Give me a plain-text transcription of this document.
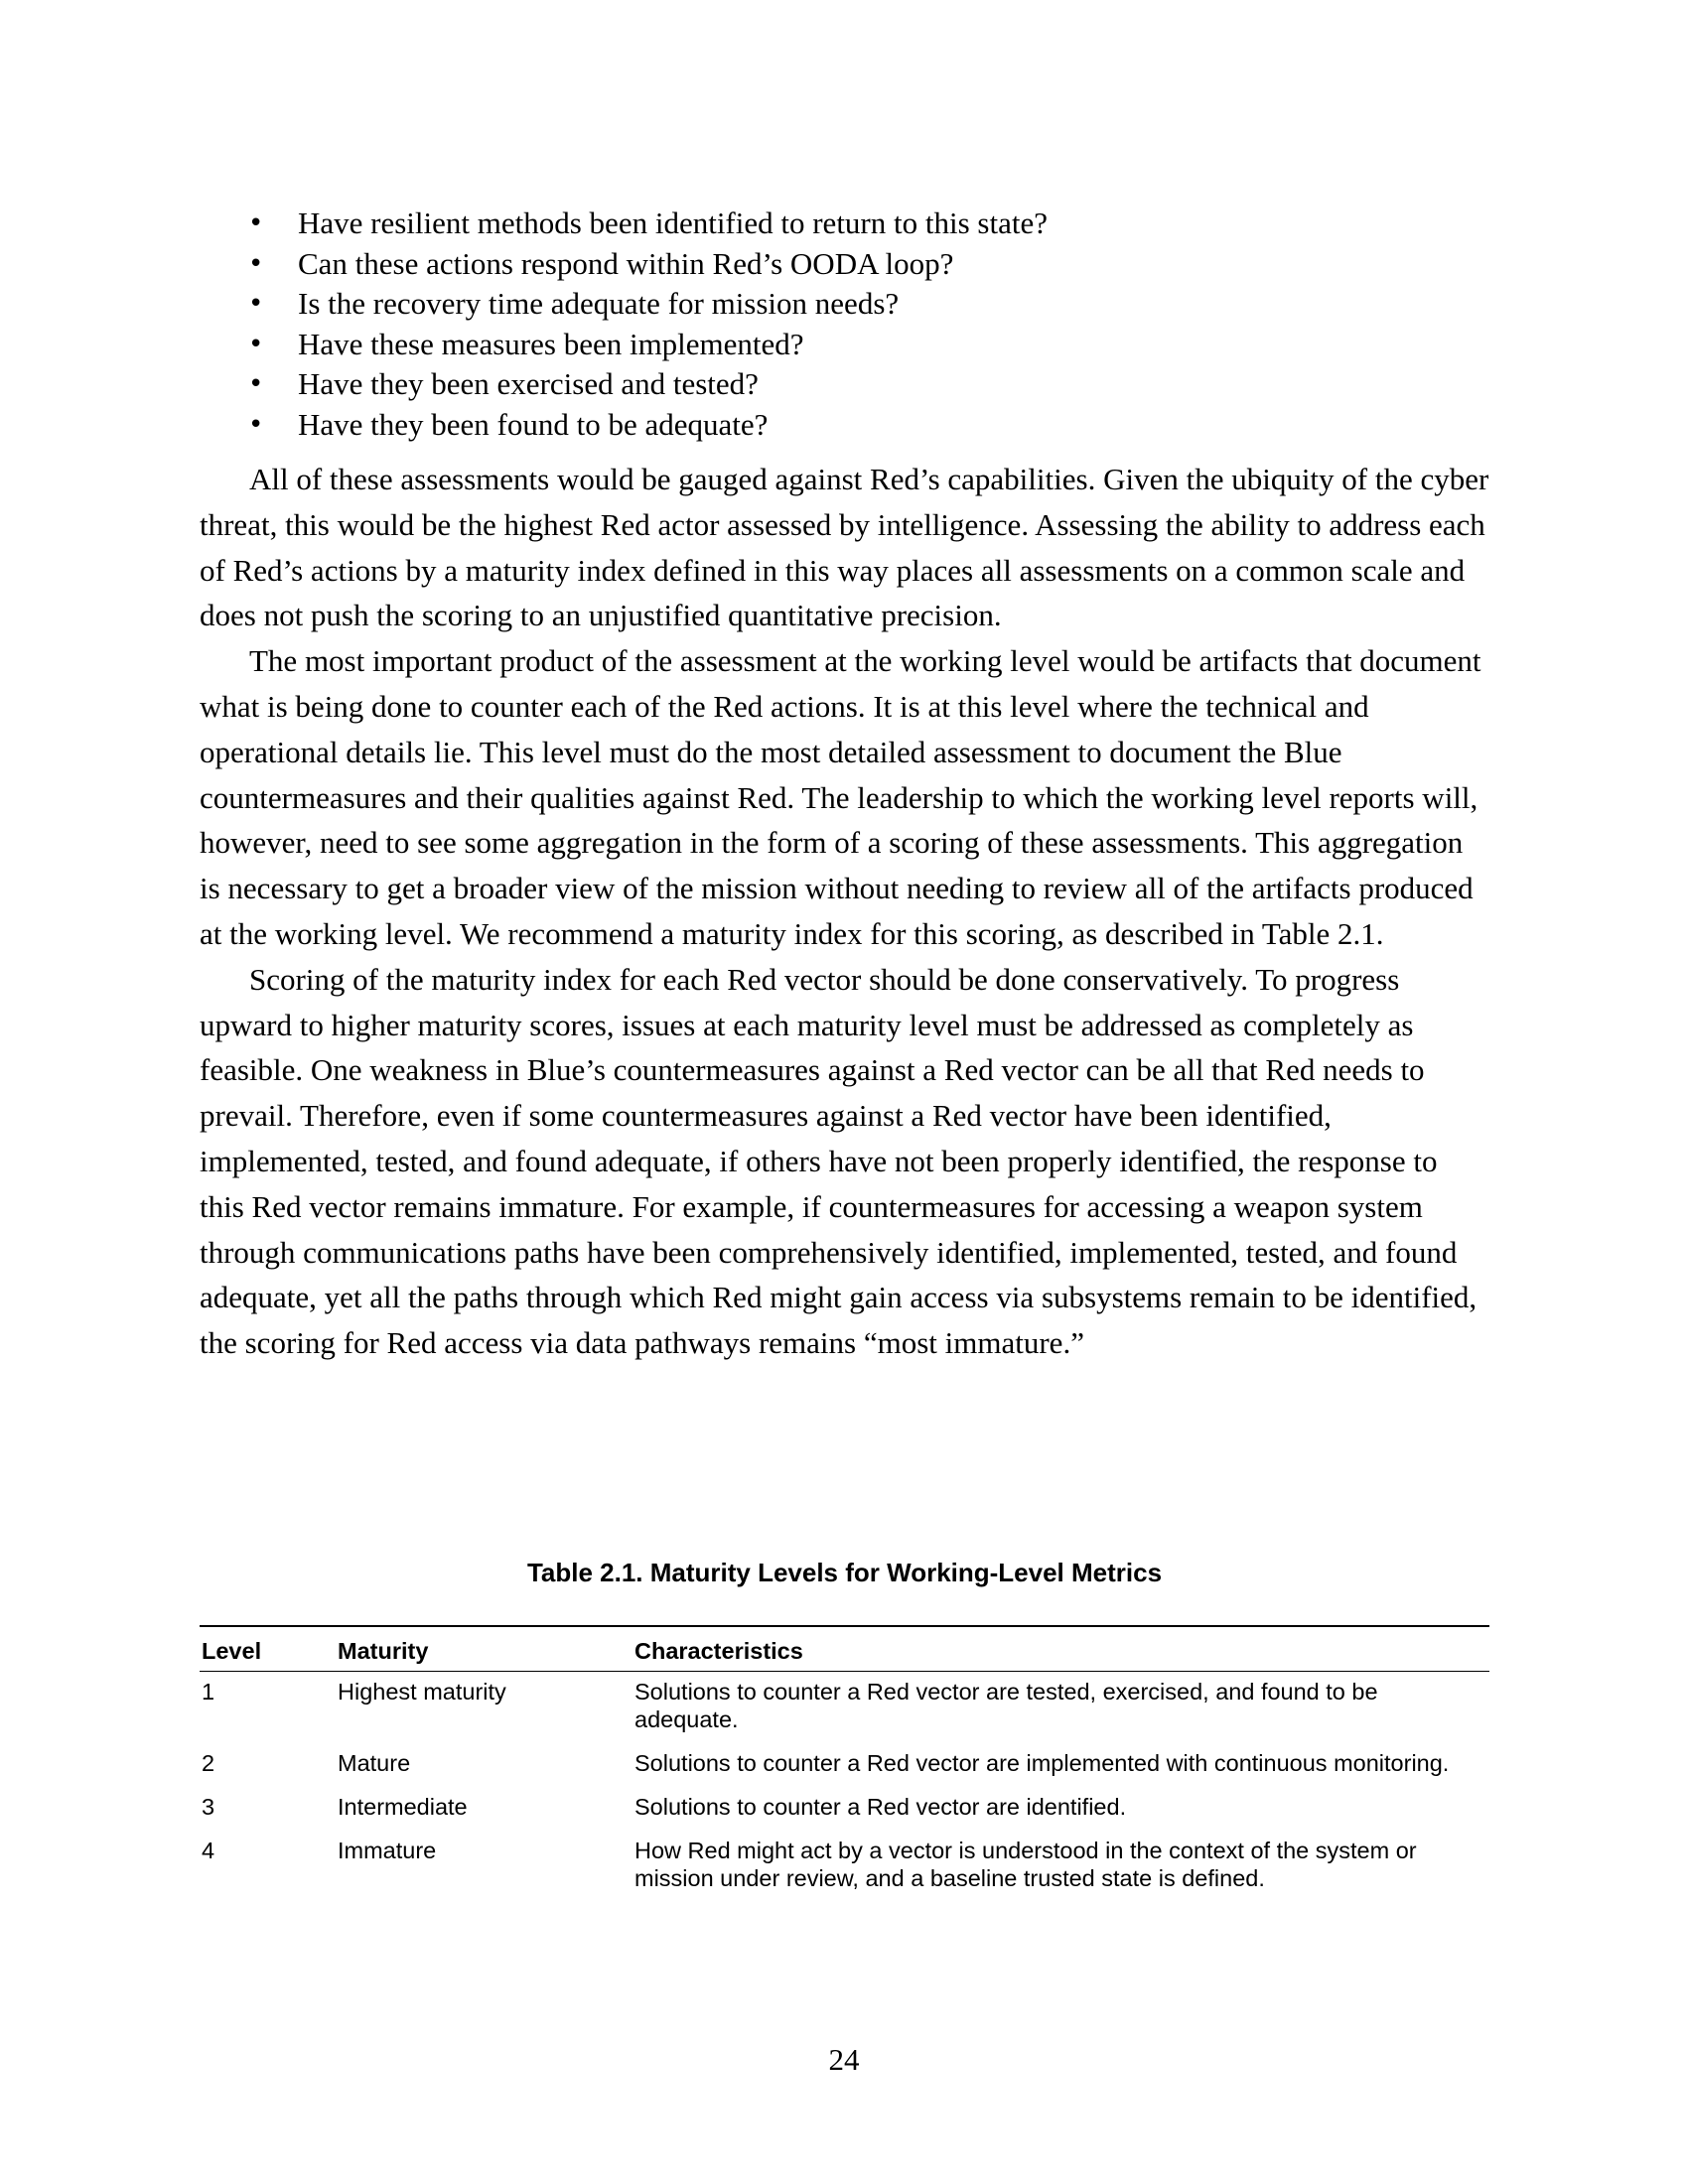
• Have resilient methods been identified to return to this state?
• Can these actions respond within Red’s OODA loop?
• Is the recovery time adequate for mission needs?
• Have these measures been implemented?
• Have they been exercised and tested?
• Have they been found to be adequate?

All of these assessments would be gauged against Red’s capabilities. Given the ubiquity of the cyber threat, this would be the highest Red actor assessed by intelligence. Assessing the ability to address each of Red’s actions by a maturity index defined in this way places all assessments on a common scale and does not push the scoring to an unjustified quantitative precision.

The most important product of the assessment at the working level would be artifacts that document what is being done to counter each of the Red actions. It is at this level where the technical and operational details lie. This level must do the most detailed assessment to document the Blue countermeasures and their qualities against Red. The leadership to which the working level reports will, however, need to see some aggregation in the form of a scoring of these assessments. This aggregation is necessary to get a broader view of the mission without needing to review all of the artifacts produced at the working level. We recommend a maturity index for this scoring, as described in Table 2.1.

Scoring of the maturity index for each Red vector should be done conservatively. To progress upward to higher maturity scores, issues at each maturity level must be addressed as completely as feasible. One weakness in Blue’s countermeasures against a Red vector can be all that Red needs to prevail. Therefore, even if some countermeasures against a Red vector have been identified, implemented, tested, and found adequate, if others have not been properly identified, the response to this Red vector remains immature. For example, if countermeasures for accessing a weapon system through communications paths have been comprehensively identified, implemented, tested, and found adequate, yet all the paths through which Red might gain access via subsystems remain to be identified, the scoring for Red access via data pathways remains “most immature.”

Table 2.1. Maturity Levels for Working-Level Metrics
Level	Maturity	Characteristics
1	Highest maturity	Solutions to counter a Red vector are tested, exercised, and found to be adequate.
2	Mature	Solutions to counter a Red vector are implemented with continuous monitoring.
3	Intermediate	Solutions to counter a Red vector are identified.
4	Immature	How Red might act by a vector is understood in the context of the system or mission under review, and a baseline trusted state is defined.
24
